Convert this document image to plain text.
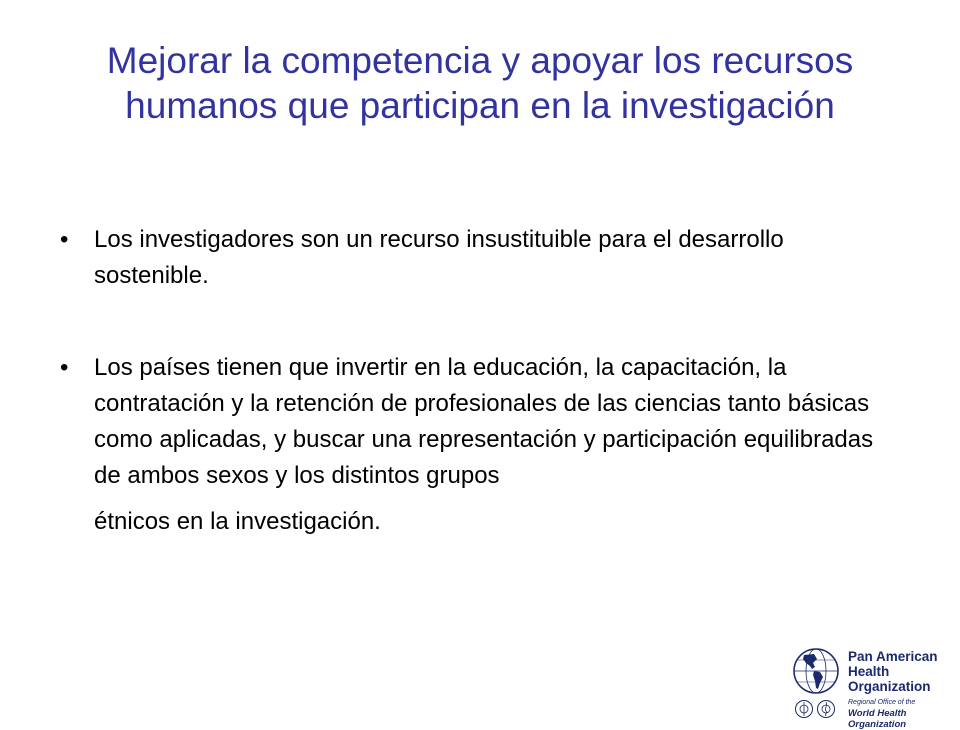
Mejorar la competencia y apoyar los recursos
humanos que participan en la investigación
• Los investigadores son un recurso insustituible para el desarrollo sostenible.
• Los países tienen que invertir en la educación, la capacitación, la contratación y la retención de profesionales de las ciencias tanto básicas como aplicadas, y buscar una representación y participación equilibradas de ambos sexos y los distintos grupos
étnicos en la investigación.
Pan American
Health
Organization
Regional Office of the
World Health Organization
